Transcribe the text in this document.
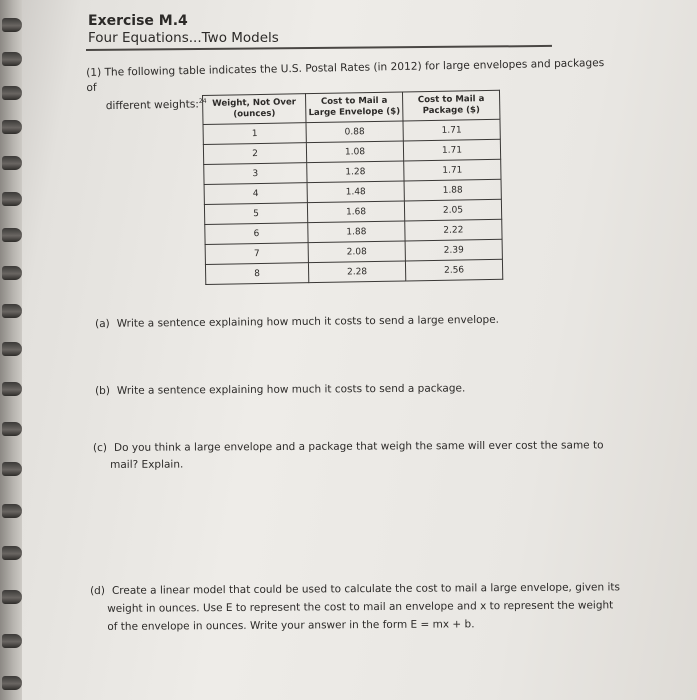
Exercise M.4
Four Equations...Two Models
(1) The following table indicates the U.S. Postal Rates (in 2012) for large envelopes and packages of
different weights:$^{24}$ Weight, Not Over (ounces)	Cost to Mail a Large Envelope ($)	Cost to Mail a Package ($)
1	0.88	1.71
2	1.08	1.71
3	1.28	1.71
4	1.48	1.88
5	1.68	2.05
6	1.88	2.22
7	2.08	2.39
8	2.28	2.56
(a) Write a sentence explaining how much it costs to send a large envelope.
(b) Write a sentence explaining how much it costs to send a package.
(c) Do you think a large envelope and a package that weigh the same will ever cost the same to
mail? Explain.
(d) Create a linear model that could be used to calculate the cost to mail a large envelope, given its
weight in ounces. Use E to represent the cost to mail an envelope and x to represent the weight
of the envelope in ounces. Write your answer in the form E = mx + b.
